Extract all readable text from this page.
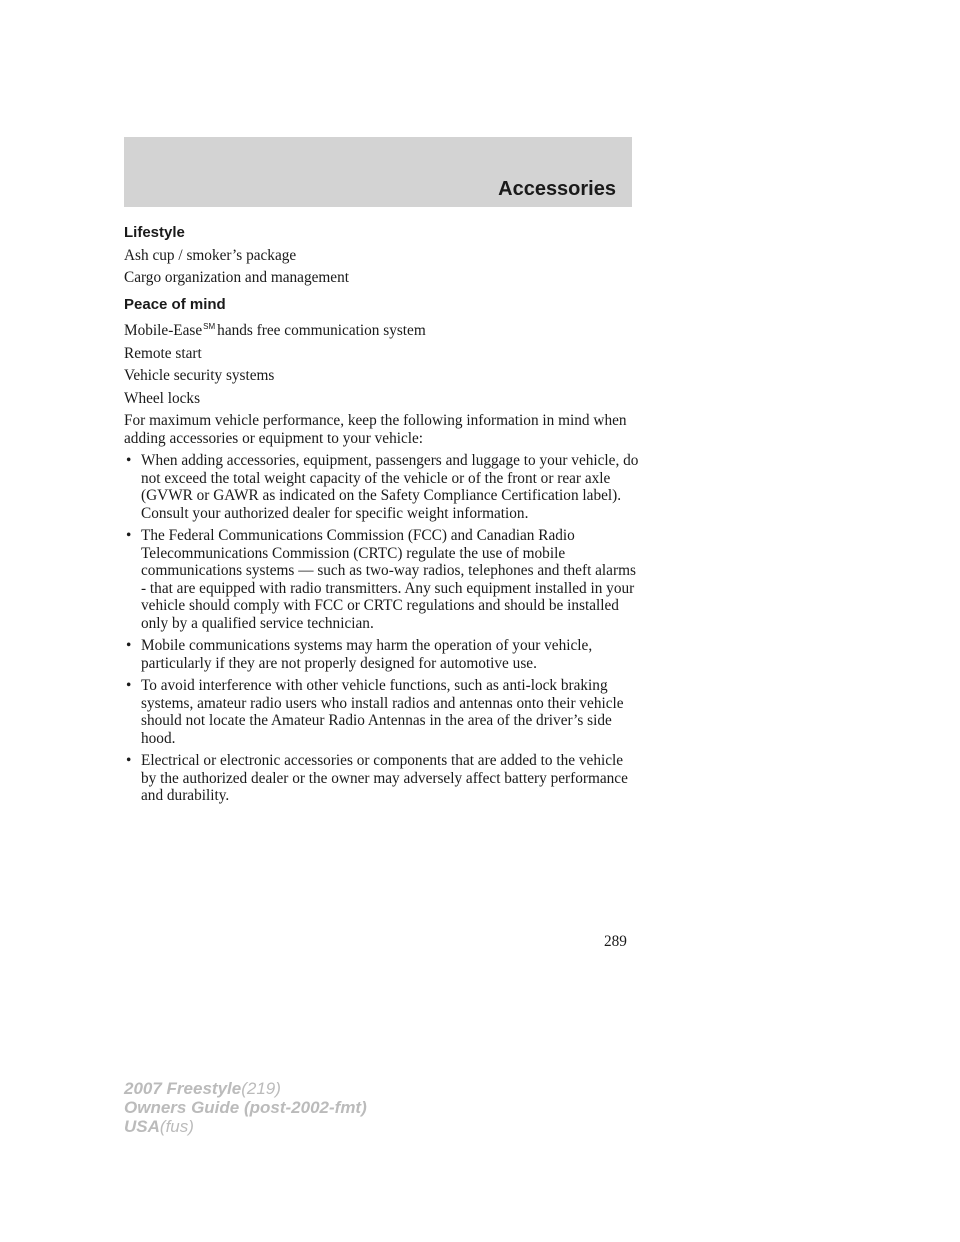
Accessories
Lifestyle
Ash cup / smoker’s package
Cargo organization and management
Peace of mind
Mobile-Ease℠ hands free communication system
Remote start
Vehicle security systems
Wheel locks
For maximum vehicle performance, keep the following information in mind when adding accessories or equipment to your vehicle:
• When adding accessories, equipment, passengers and luggage to your vehicle, do not exceed the total weight capacity of the vehicle or of the front or rear axle (GVWR or GAWR as indicated on the Safety Compliance Certification label). Consult your authorized dealer for specific weight information.
• The Federal Communications Commission (FCC) and Canadian Radio Telecommunications Commission (CRTC) regulate the use of mobile communications systems — such as two-way radios, telephones and theft alarms - that are equipped with radio transmitters. Any such equipment installed in your vehicle should comply with FCC or CRTC regulations and should be installed only by a qualified service technician.
• Mobile communications systems may harm the operation of your vehicle, particularly if they are not properly designed for automotive use.
• To avoid interference with other vehicle functions, such as anti-lock braking systems, amateur radio users who install radios and antennas onto their vehicle should not locate the Amateur Radio Antennas in the area of the driver’s side hood.
• Electrical or electronic accessories or components that are added to the vehicle by the authorized dealer or the owner may adversely affect battery performance and durability.
289
2007 Freestyle(219)
Owners Guide (post-2002-fmt)
USA(fus)
